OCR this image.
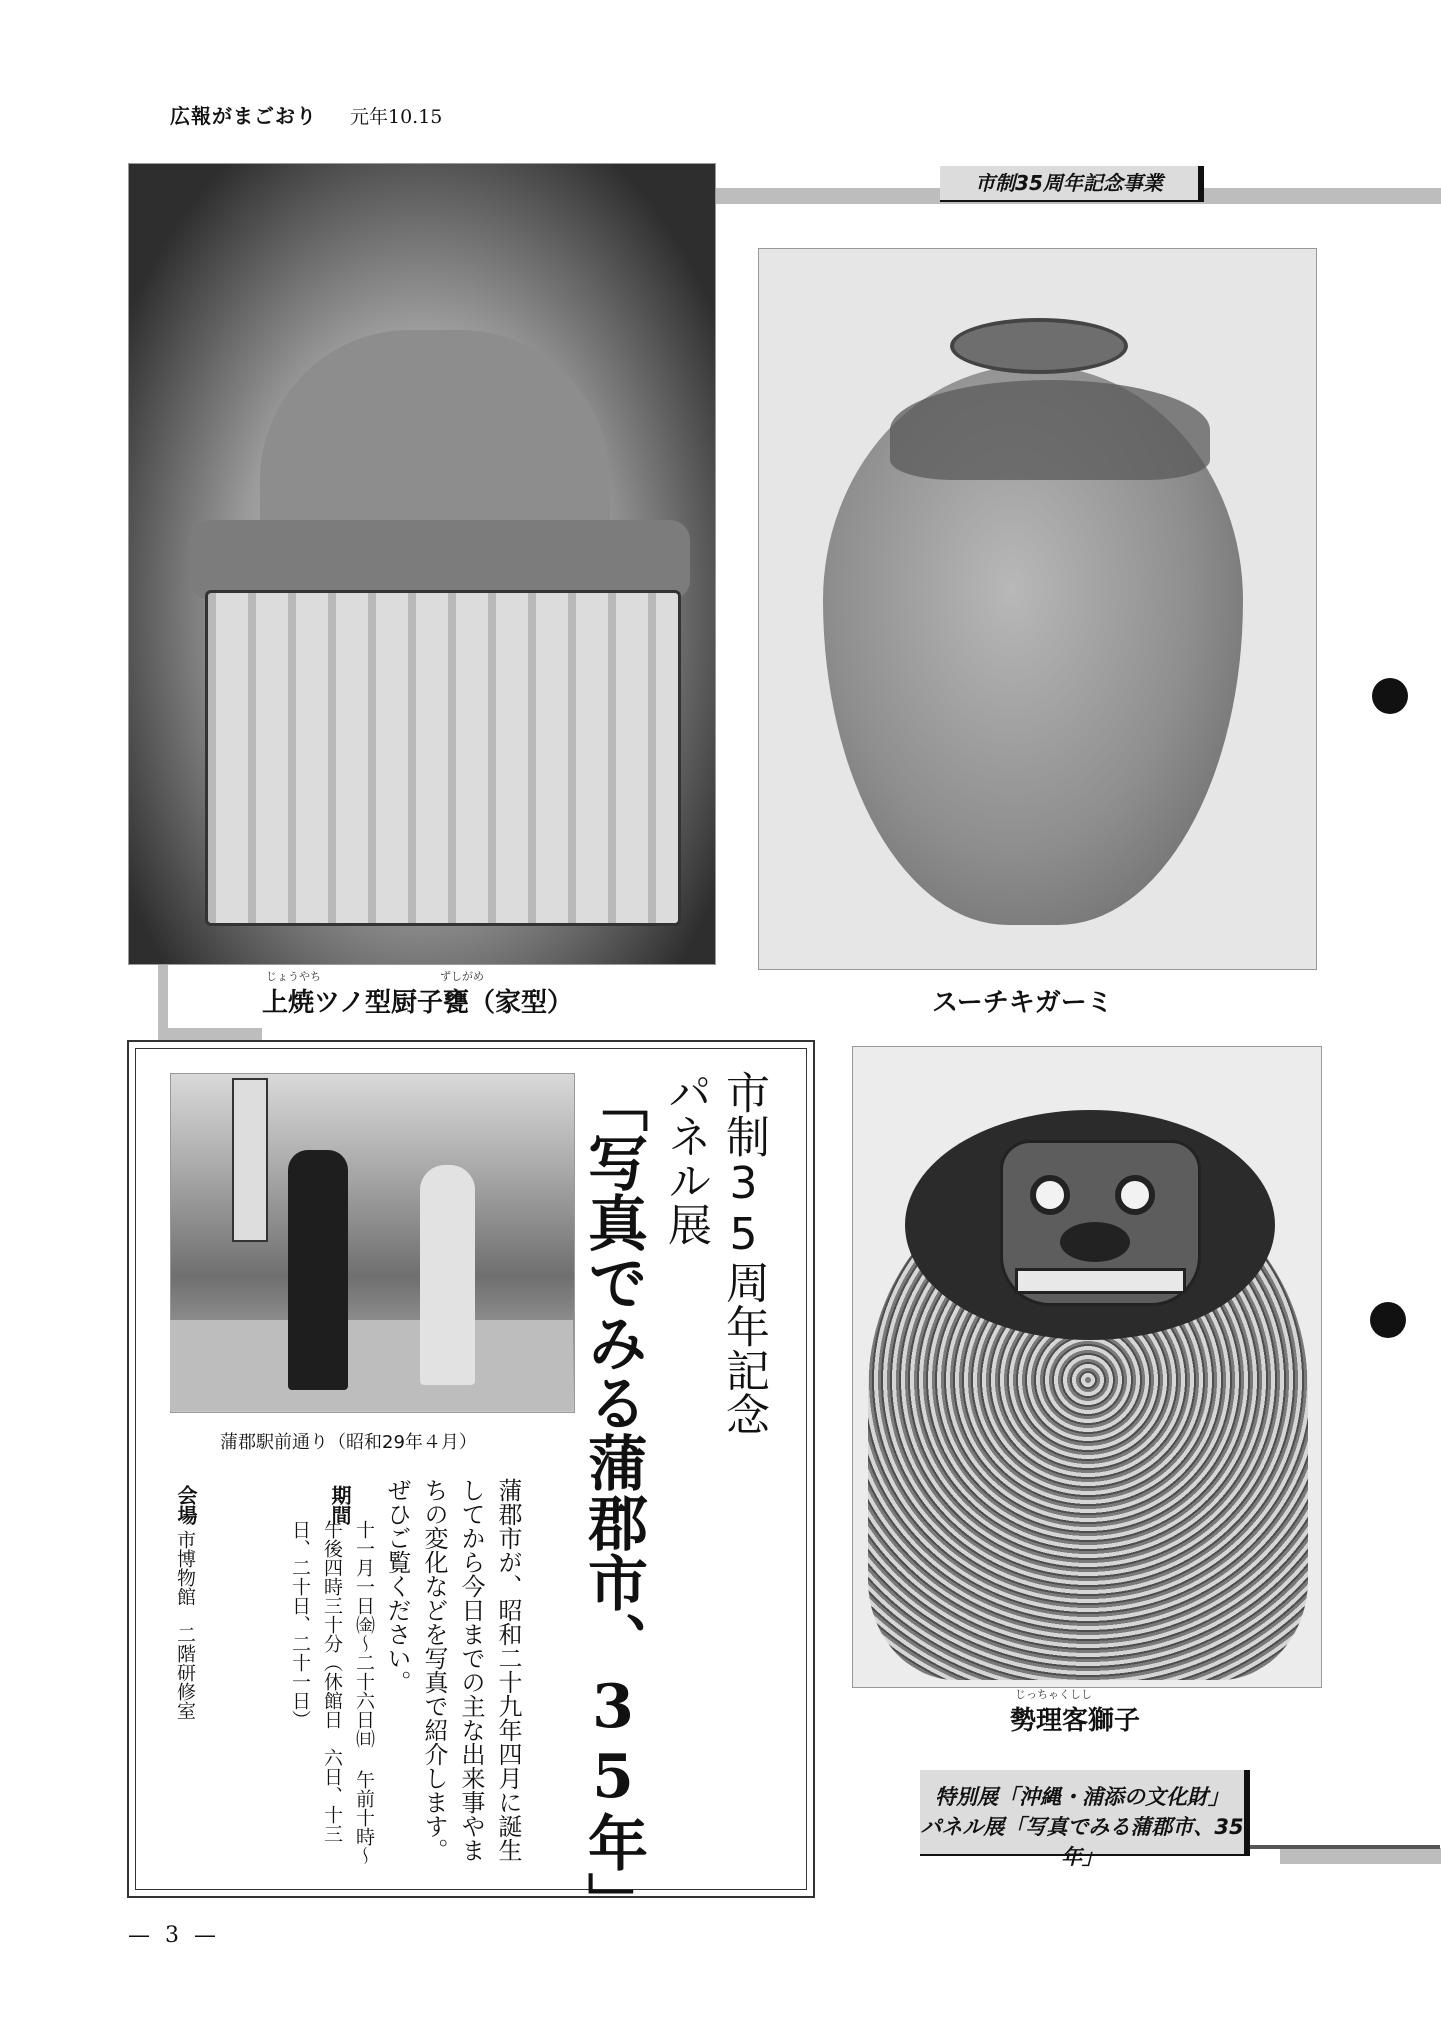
広報がまごおり 元年10.15
市制35周年記念事業
じょうやち	ずしがめ
上焼ツノ型厨子甕（家型）	スーチキガーミ
じっちゃくしし
勢理客獅子
特別展「沖縄・浦添の文化財」
パネル展「写真でみる蒲郡市、35年」
蒲郡駅前通り（昭和29年４月）
市制35周年記念
パネル展
「写真でみる蒲郡市、35年」
蒲郡市が、昭和二十九年四月に誕生してから今日までの主な出来事やまちの変化などを写真で紹介します。ぜひご覧ください。
期間
十一月一日㈮～二十六日㈰ 午前十時～午後四時三十分（休館日　六日、十三日、二十日、二十一日）
会場
市博物館　二階研修室
— 3 —
